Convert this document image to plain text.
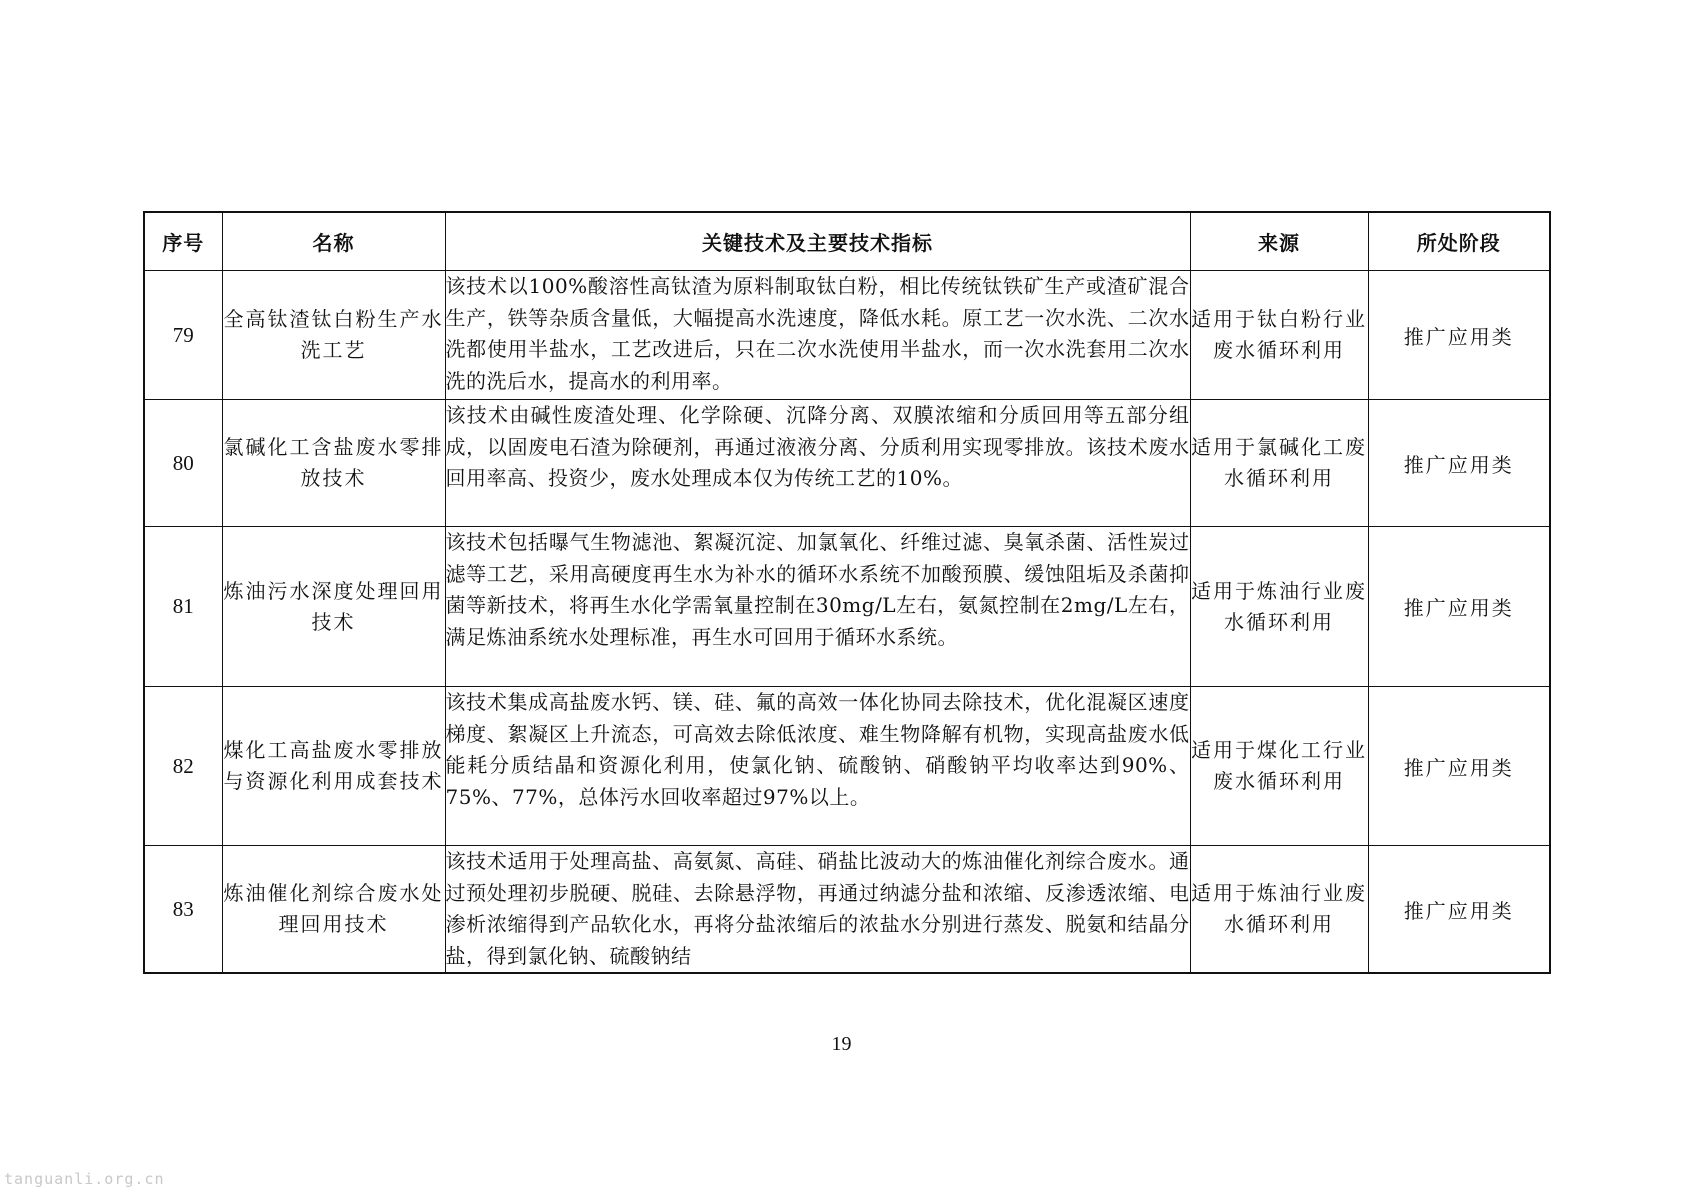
序号	名称	关键技术及主要技术指标	来源	所处阶段
79	全高钛渣钛白粉生产水洗工艺	该技术以100%酸溶性高钛渣为原料制取钛白粉，相比传统钛铁矿生产或渣矿混合生产，铁等杂质含量低，大幅提高水洗速度，降低水耗。原工艺一次水洗、二次水洗都使用半盐水，工艺改进后，只在二次水洗使用半盐水，而一次水洗套用二次水洗的洗后水，提高水的利用率。	适用于钛白粉行业废水循环利用	推广应用类
80	氯碱化工含盐废水零排放技术	该技术由碱性废渣处理、化学除硬、沉降分离、双膜浓缩和分质回用等五部分组成，以固废电石渣为除硬剂，再通过液液分离、分质利用实现零排放。该技术废水回用率高、投资少，废水处理成本仅为传统工艺的10%。	适用于氯碱化工废水循环利用	推广应用类
81	炼油污水深度处理回用技术	该技术包括曝气生物滤池、絮凝沉淀、加氯氧化、纤维过滤、臭氧杀菌、活性炭过滤等工艺，采用高硬度再生水为补水的循环水系统不加酸预膜、缓蚀阻垢及杀菌抑菌等新技术，将再生水化学需氧量控制在30mg/L左右，氨氮控制在2mg/L左右，满足炼油系统水处理标准，再生水可回用于循环水系统。	适用于炼油行业废水循环利用	推广应用类
82	煤化工高盐废水零排放与资源化利用成套技术	该技术集成高盐废水钙、镁、硅、氟的高效一体化协同去除技术，优化混凝区速度梯度、絮凝区上升流态，可高效去除低浓度、难生物降解有机物，实现高盐废水低能耗分质结晶和资源化利用，使氯化钠、硫酸钠、硝酸钠平均收率达到90%、75%、77%，总体污水回收率超过97%以上。	适用于煤化工行业废水循环利用	推广应用类
83	炼油催化剂综合废水处理回用技术	该技术适用于处理高盐、高氨氮、高硅、硝盐比波动大的炼油催化剂综合废水。通过预处理初步脱硬、脱硅、去除悬浮物，再通过纳滤分盐和浓缩、反渗透浓缩、电渗析浓缩得到产品软化水，再将分盐浓缩后的浓盐水分别进行蒸发、脱氨和结晶分盐，得到氯化钠、硫酸钠结	适用于炼油行业废水循环利用	推广应用类
19
tanguanli.org.cn
